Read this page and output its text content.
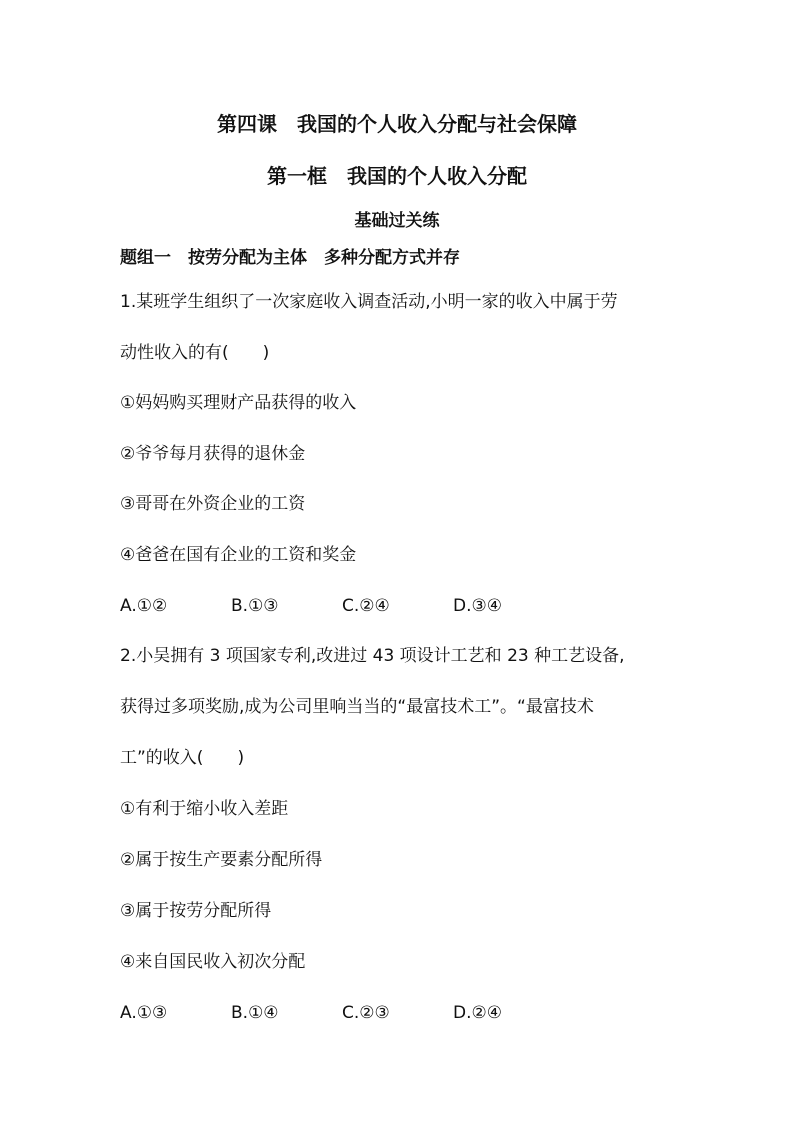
第四课　我国的个人收入分配与社会保障
第一框　我国的个人收入分配
基础过关练
题组一　按劳分配为主体　多种分配方式并存
1.某班学生组织了一次家庭收入调查活动,小明一家的收入中属于劳
动性收入的有(　　)
①妈妈购买理财产品获得的收入
②爷爷每月获得的退休金
③哥哥在外资企业的工资
④爸爸在国有企业的工资和奖金
A.①②	B.①③	C.②④	D.③④
2.小吴拥有 3 项国家专利,改进过 43 项设计工艺和 23 种工艺设备,
获得过多项奖励,成为公司里响当当的“最富技术工”。“最富技术
工”的收入(　　)
①有利于缩小收入差距
②属于按生产要素分配所得
③属于按劳分配所得
④来自国民收入初次分配
A.①③	B.①④	C.②③	D.②④
